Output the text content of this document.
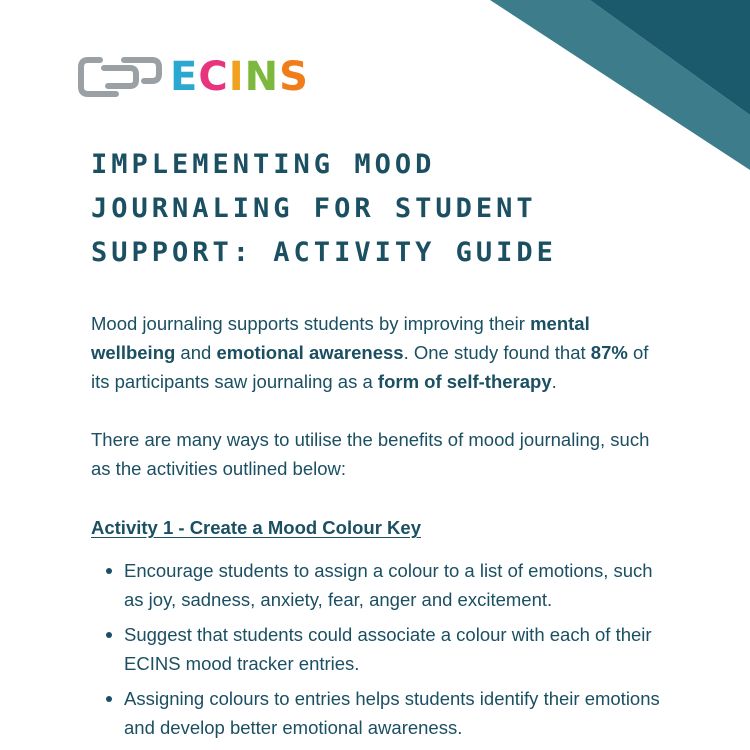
ECINS
IMPLEMENTING MOOD
JOURNALING FOR STUDENT
SUPPORT: ACTIVITY GUIDE

Mood journaling supports students by improving their mental wellbeing and emotional awareness. One study found that 87% of its participants saw journaling as a form of self-therapy.

There are many ways to utilise the benefits of mood journaling, such as the activities outlined below:

Activity 1 - Create a Mood Colour Key
Encourage students to assign a colour to a list of emotions, such as joy, sadness, anxiety, fear, anger and excitement.
Suggest that students could associate a colour with each of their ECINS mood tracker entries.
Assigning colours to entries helps students identify their emotions and develop better emotional awareness.
